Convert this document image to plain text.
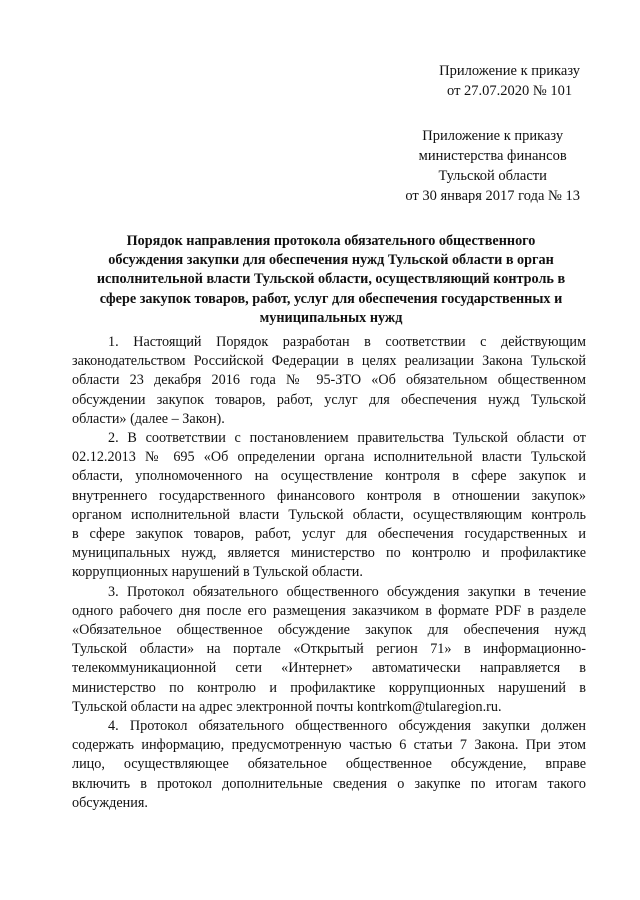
Приложение к приказу

от 27.07.2020 № 101

Приложение к приказу

министерства финансов

Тульской области

от 30 января 2017 года № 13

Порядок направления протокола обязательного общественного
обсуждения закупки для обеспечения нужд Тульской области в орган
исполнительной власти Тульской области, осуществляющий контроль в
сфере закупок товаров, работ, услуг для обеспечения государственных и
муниципальных нужд
1. Настоящий Порядок разработан в соответствии с действующим
законодательством Российской Федерации в целях реализации Закона Тульской
области 23 декабря 2016 года № 95-ЗТО «Об обязательном общественном
обсуждении закупок товаров, работ, услуг для обеспечения нужд Тульской
области» (далее – Закон).
2. В соответствии с постановлением правительства Тульской области от
02.12.2013 № 695 «Об определении органа исполнительной власти Тульской
области, уполномоченного на осуществление контроля в сфере закупок и
внутреннего государственного финансового контроля в отношении закупок»
органом исполнительной власти Тульской области, осуществляющим контроль
в сфере закупок товаров, работ, услуг для обеспечения государственных и
муниципальных нужд, является министерство по контролю и профилактике
коррупционных нарушений в Тульской области.
3. Протокол обязательного общественного обсуждения закупки в течение
одного рабочего дня после его размещения заказчиком в формате PDF в разделе
«Обязательное общественное обсуждение закупок для обеспечения нужд
Тульской области» на портале «Открытый регион 71» в информационно-
телекоммуникационной сети «Интернет» автоматически направляется в
министерство по контролю и профилактике коррупционных нарушений в
Тульской области на адрес электронной почты kontrkom@tularegion.ru.
4. Протокол обязательного общественного обсуждения закупки должен
содержать информацию, предусмотренную частью 6 статьи 7 Закона. При этом
лицо, осуществляющее обязательное общественное обсуждение, вправе
включить в протокол дополнительные сведения о закупке по итогам такого
обсуждения.
